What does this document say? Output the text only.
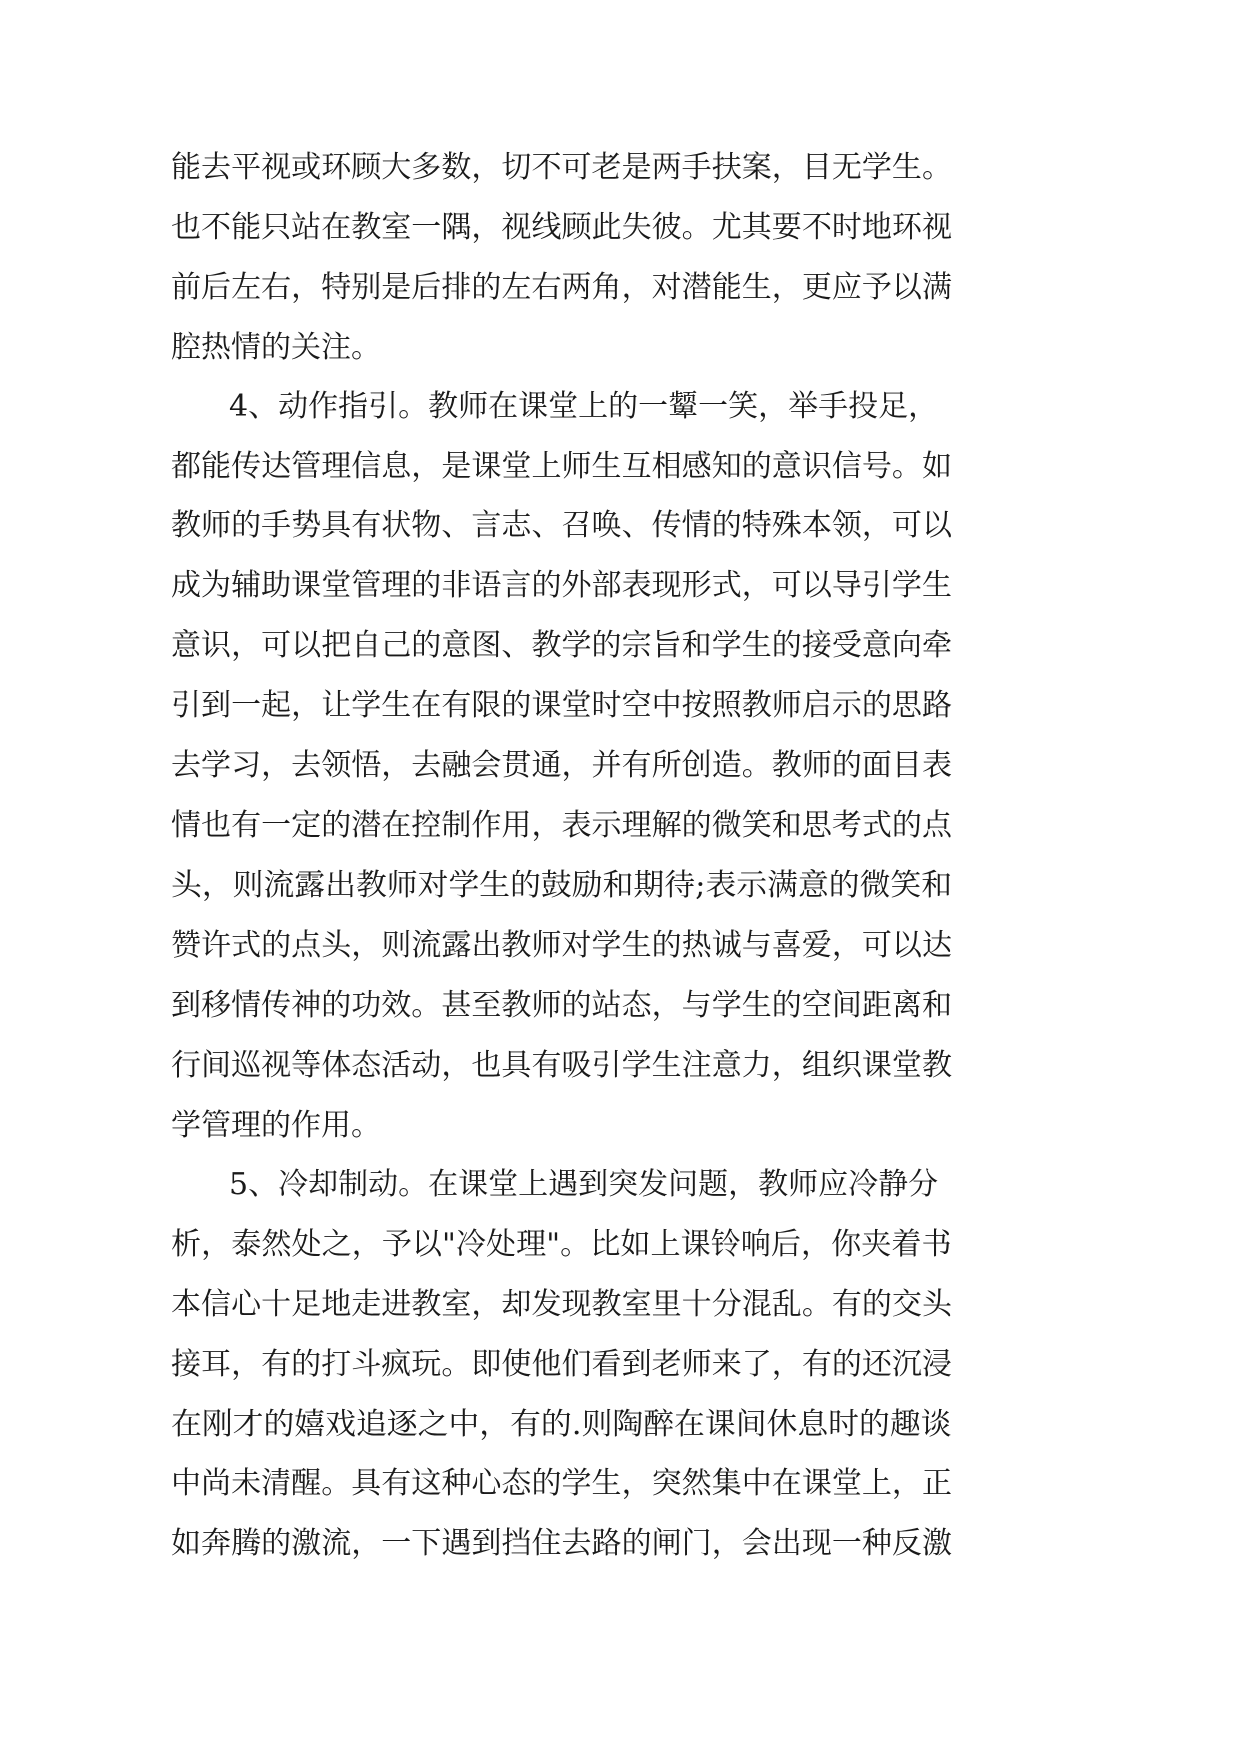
能去平视或环顾大多数，切不可老是两手扶案，目无学生。
也不能只站在教室一隅，视线顾此失彼。尤其要不时地环视
前后左右，特别是后排的左右两角，对潜能生，更应予以满
腔热情的关注。
4、动作指引。教师在课堂上的一颦一笑，举手投足，
都能传达管理信息，是课堂上师生互相感知的意识信号。如
教师的手势具有状物、言志、召唤、传情的特殊本领，可以
成为辅助课堂管理的非语言的外部表现形式，可以导引学生
意识，可以把自己的意图、教学的宗旨和学生的接受意向牵
引到一起，让学生在有限的课堂时空中按照教师启示的思路
去学习，去领悟，去融会贯通，并有所创造。教师的面目表
情也有一定的潜在控制作用，表示理解的微笑和思考式的点
头，则流露出教师对学生的鼓励和期待;表示满意的微笑和
赞许式的点头，则流露出教师对学生的热诚与喜爱，可以达
到移情传神的功效。甚至教师的站态，与学生的空间距离和
行间巡视等体态活动，也具有吸引学生注意力，组织课堂教
学管理的作用。
5、冷却制动。在课堂上遇到突发问题，教师应冷静分
析，泰然处之，予以"冷处理"。比如上课铃响后，你夹着书
本信心十足地走进教室，却发现教室里十分混乱。有的交头
接耳，有的打斗疯玩。即使他们看到老师来了，有的还沉浸
在刚才的嬉戏追逐之中，有的.则陶醉在课间休息时的趣谈
中尚未清醒。具有这种心态的学生，突然集中在课堂上，正
如奔腾的激流，一下遇到挡住去路的闸门，会出现一种反激
